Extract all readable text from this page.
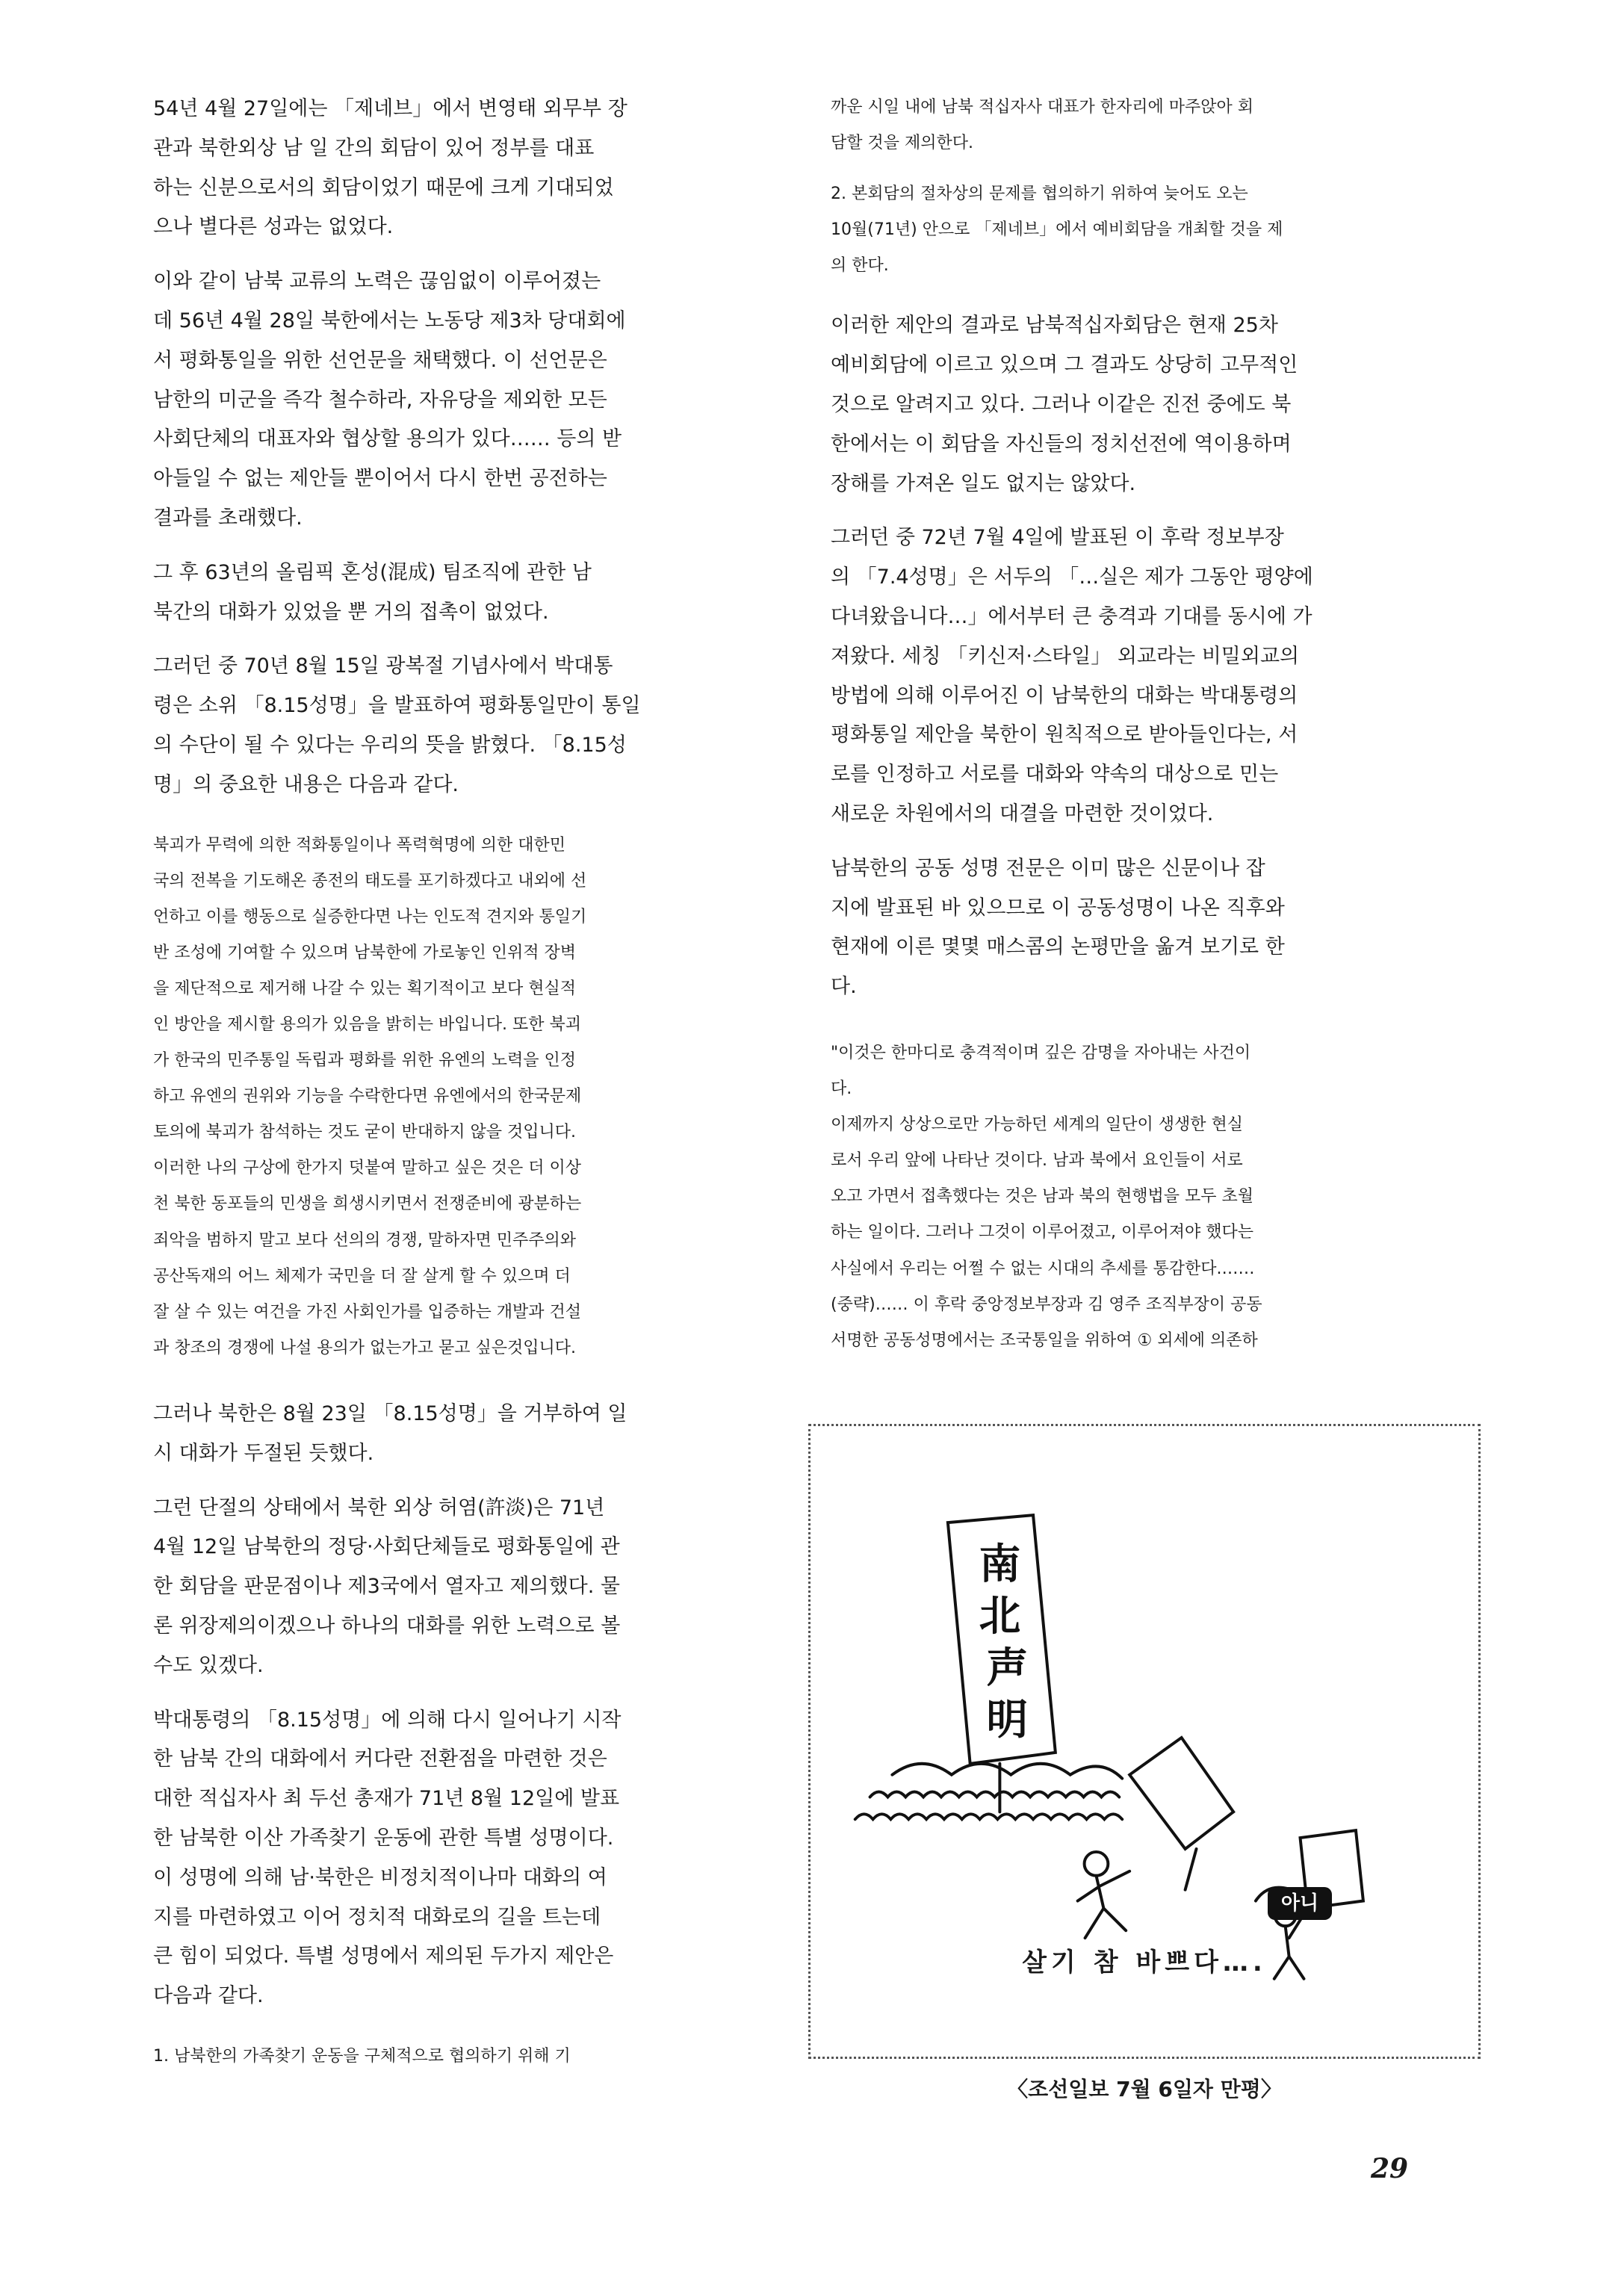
54년 4월 27일에는 「제네브」에서 변영태 외무부 장
관과 북한외상 남 일 간의 회담이 있어 정부를 대표
하는 신분으로서의 회담이었기 때문에 크게 기대되었
으나 별다른 성과는 없었다.

이와 같이 남북 교류의 노력은 끊임없이 이루어졌는
데 56년 4월 28일 북한에서는 노동당 제3차 당대회에
서 평화통일을 위한 선언문을 채택했다. 이 선언문은
남한의 미군을 즉각 철수하라, 자유당을 제외한 모든
사회단체의 대표자와 협상할 용의가 있다…… 등의 받
아들일 수 없는 제안들 뿐이어서 다시 한번 공전하는
결과를 초래했다.

그 후 63년의 올림픽 혼성(混成) 팀조직에 관한 남
북간의 대화가 있었을 뿐 거의 접촉이 없었다.

그러던 중 70년 8월 15일 광복절 기념사에서 박대통
령은 소위 「8.15성명」을 발표하여 평화통일만이 통일
의 수단이 될 수 있다는 우리의 뜻을 밝혔다. 「8.15성
명」의 중요한 내용은 다음과 같다.

북괴가 무력에 의한 적화통일이나 폭력혁명에 의한 대한민
국의 전복을 기도해온 종전의 태도를 포기하겠다고 내외에 선
언하고 이를 행동으로 실증한다면 나는 인도적 견지와 통일기
반 조성에 기여할 수 있으며 남북한에 가로놓인 인위적 장벽
을 제단적으로 제거해 나갈 수 있는 획기적이고 보다 현실적
인 방안을 제시할 용의가 있음을 밝히는 바입니다. 또한 북괴
가 한국의 민주통일 독립과 평화를 위한 유엔의 노력을 인정
하고 유엔의 권위와 기능을 수락한다면 유엔에서의 한국문제
토의에 북괴가 참석하는 것도 굳이 반대하지 않을 것입니다.
이러한 나의 구상에 한가지 덧붙여 말하고 싶은 것은 더 이상
천 북한 동포들의 민생을 희생시키면서 전쟁준비에 광분하는
죄악을 범하지 말고 보다 선의의 경쟁, 말하자면 민주주의와
공산독재의 어느 체제가 국민을 더 잘 살게 할 수 있으며 더
잘 살 수 있는 여건을 가진 사회인가를 입증하는 개발과 건설
과 창조의 경쟁에 나설 용의가 없는가고 묻고 싶은것입니다.

그러나 북한은 8월 23일 「8.15성명」을 거부하여 일
시 대화가 두절된 듯했다.

그런 단절의 상태에서 북한 외상 허염(許淡)은 71년
4월 12일 남북한의 정당·사회단체들로 평화통일에 관
한 회담을 판문점이나 제3국에서 열자고 제의했다. 물
론 위장제의이겠으나 하나의 대화를 위한 노력으로 볼
수도 있겠다.

박대통령의 「8.15성명」에 의해 다시 일어나기 시작
한 남북 간의 대화에서 커다란 전환점을 마련한 것은
대한 적십자사 최 두선 총재가 71년 8월 12일에 발표
한 남북한 이산 가족찾기 운동에 관한 특별 성명이다.
이 성명에 의해 남·북한은 비정치적이나마 대화의 여
지를 마련하였고 이어 정치적 대화로의 길을 트는데
큰 힘이 되었다. 특별 성명에서 제의된 두가지 제안은
다음과 같다.

1. 남북한의 가족찾기 운동을 구체적으로 협의하기 위해 기

까운 시일 내에 남북 적십자사 대표가 한자리에 마주앉아 회
담할 것을 제의한다.

2. 본회담의 절차상의 문제를 협의하기 위하여 늦어도 오는
10월(71년) 안으로 「제네브」에서 예비회담을 개최할 것을 제
의 한다.

이러한 제안의 결과로 남북적십자회담은 현재 25차
예비회담에 이르고 있으며 그 결과도 상당히 고무적인
것으로 알려지고 있다. 그러나 이같은 진전 중에도 북
한에서는 이 회담을 자신들의 정치선전에 역이용하며
장해를 가져온 일도 없지는 않았다.

그러던 중 72년 7월 4일에 발표된 이 후락 정보부장
의 「7.4성명」은 서두의 「…실은 제가 그동안 평양에
다녀왔읍니다…」에서부터 큰 충격과 기대를 동시에 가
져왔다. 세칭 「키신저·스타일」 외교라는 비밀외교의
방법에 의해 이루어진 이 남북한의 대화는 박대통령의
평화통일 제안을 북한이 원칙적으로 받아들인다는, 서
로를 인정하고 서로를 대화와 약속의 대상으로 민는
새로운 차원에서의 대결을 마련한 것이었다.

남북한의 공동 성명 전문은 이미 많은 신문이나 잡
지에 발표된 바 있으므로 이 공동성명이 나온 직후와
현재에 이른 몇몇 매스콤의 논평만을 옮겨 보기로 한
다.

"이것은 한마디로 충격적이며 깊은 감명을 자아내는 사건이
다.

이제까지 상상으로만 가능하던 세계의 일단이 생생한 현실
로서 우리 앞에 나타난 것이다. 남과 북에서 요인들이 서로
오고 가면서 접촉했다는 것은 남과 북의 현행법을 모두 초월
하는 일이다. 그러나 그것이 이루어졌고, 이루어져야 했다는
사실에서 우리는 어쩔 수 없는 시대의 추세를 통감한다.……
(중략)…… 이 후락 중앙정보부장과 김 영주 조직부장이 공동
서명한 공동성명에서는 조국통일을 위하여 ① 외세에 의존하

南北声明
아니
살기 참 바쁘다….
〈조선일보 7월 6일자 만평〉
29
